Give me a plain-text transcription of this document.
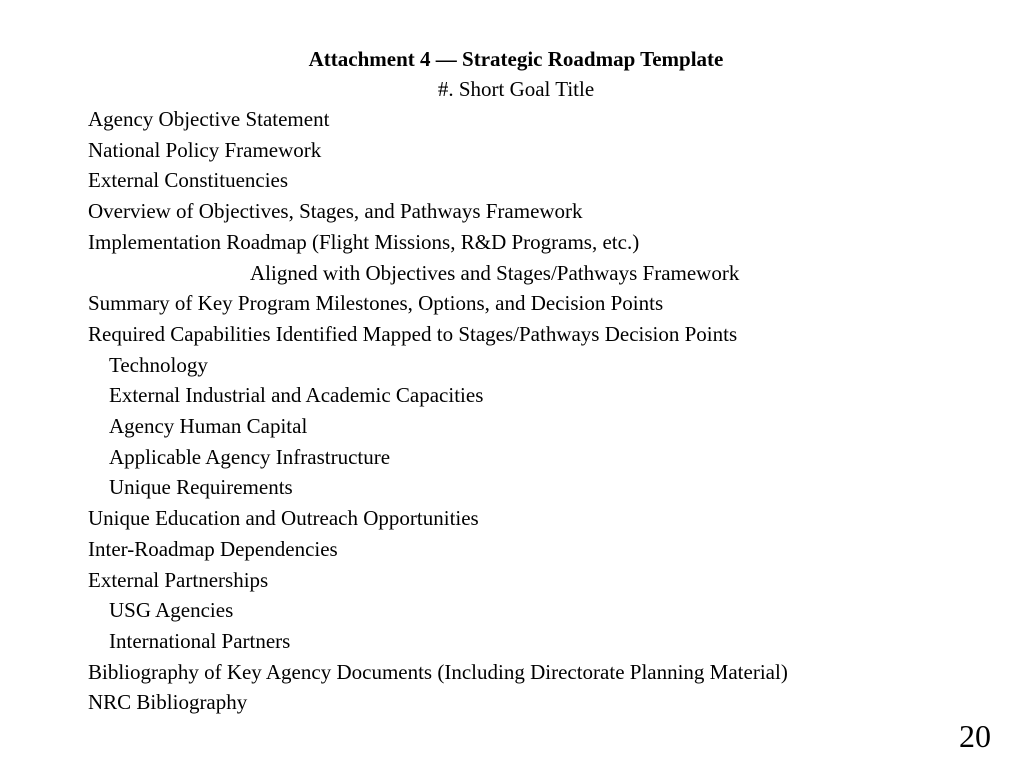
Attachment 4 — Strategic Roadmap Template
#. Short Goal Title
Agency Objective Statement
National Policy Framework
External Constituencies
Overview of Objectives, Stages, and Pathways Framework
Implementation Roadmap (Flight Missions, R&D Programs, etc.)
Aligned with Objectives and Stages/Pathways Framework
Summary of Key Program Milestones, Options, and Decision Points
Required Capabilities Identified Mapped to Stages/Pathways Decision Points
Technology
External Industrial and Academic Capacities
Agency Human Capital
Applicable Agency Infrastructure
Unique Requirements
Unique Education and Outreach Opportunities
Inter-Roadmap Dependencies
External Partnerships
USG Agencies
International Partners
Bibliography of Key Agency Documents (Including Directorate Planning Material)
NRC Bibliography
20
